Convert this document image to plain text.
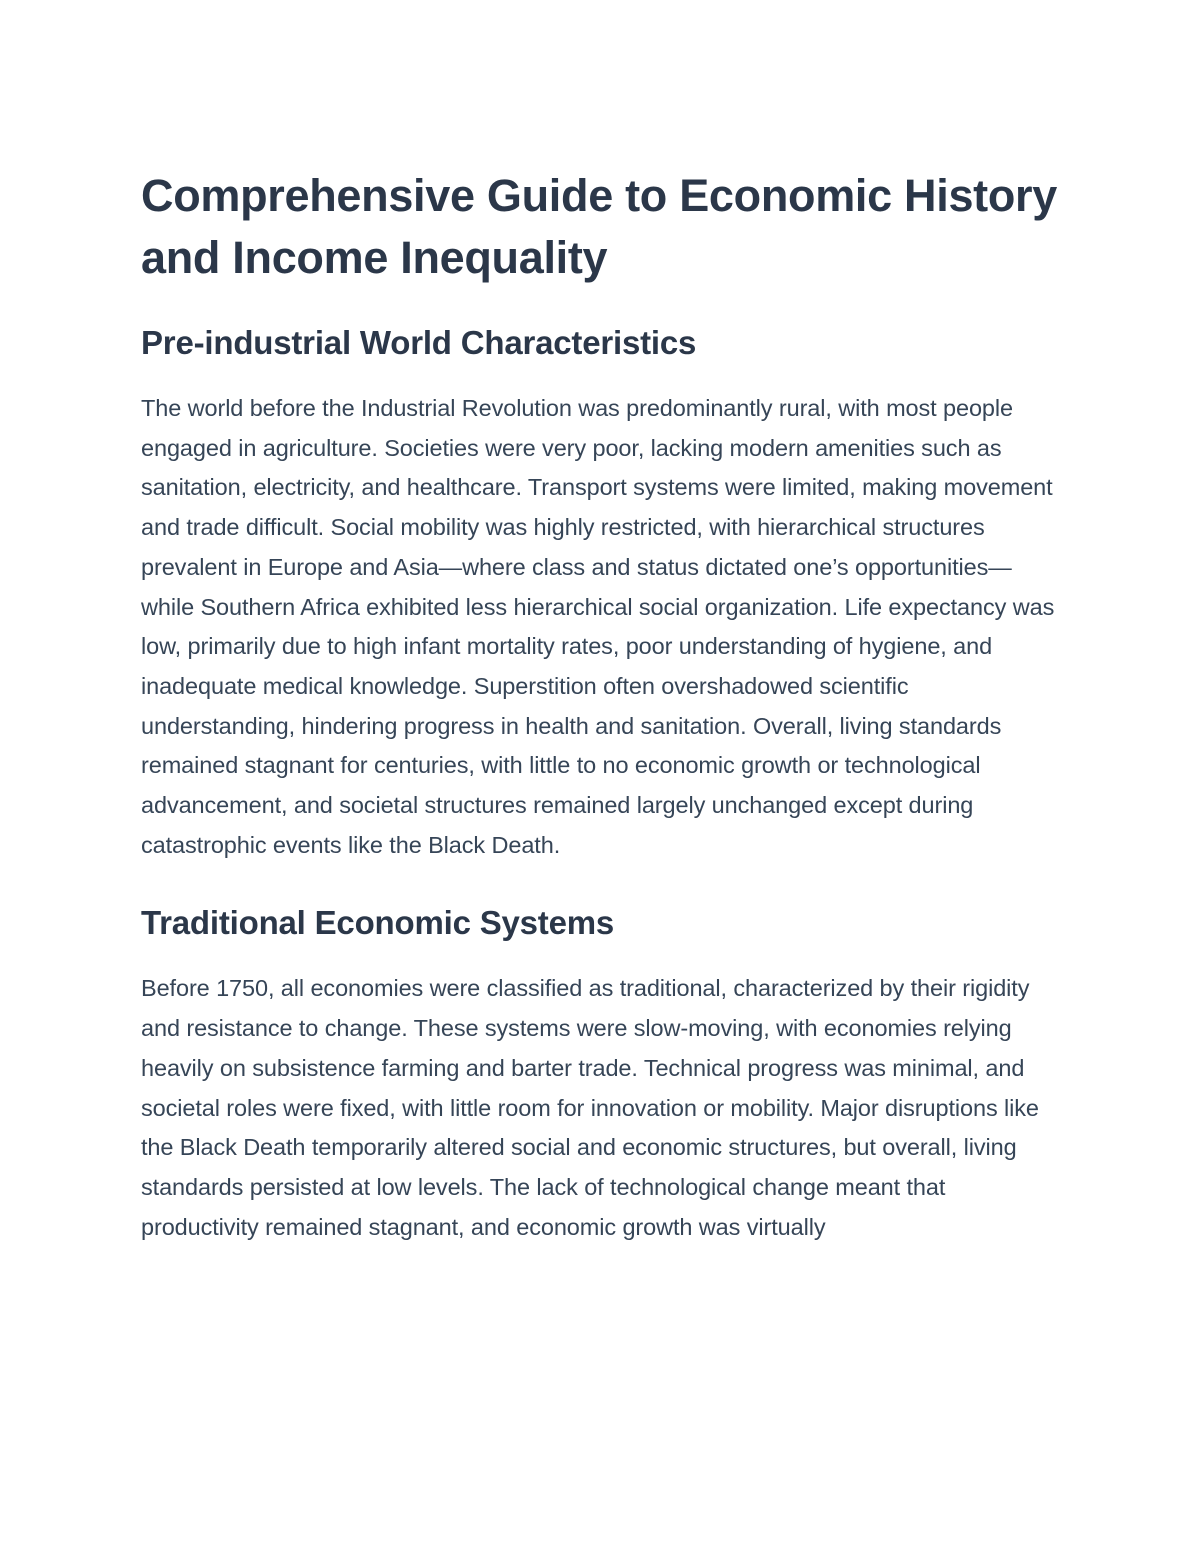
Comprehensive Guide to Economic History and Income Inequality
Pre-industrial World Characteristics

The world before the Industrial Revolution was predominantly rural, with most people engaged in agriculture. Societies were very poor, lacking modern amenities such as sanitation, electricity, and healthcare. Transport systems were limited, making movement and trade difficult. Social mobility was highly restricted, with hierarchical structures prevalent in Europe and Asia—where class and status dictated one’s opportunities—while Southern Africa exhibited less hierarchical social organization. Life expectancy was low, primarily due to high infant mortality rates, poor understanding of hygiene, and inadequate medical knowledge. Superstition often overshadowed scientific understanding, hindering progress in health and sanitation. Overall, living standards remained stagnant for centuries, with little to no economic growth or technological advancement, and societal structures remained largely unchanged except during catastrophic events like the Black Death.

Traditional Economic Systems

Before 1750, all economies were classified as traditional, characterized by their rigidity and resistance to change. These systems were slow-moving, with economies relying heavily on subsistence farming and barter trade. Technical progress was minimal, and societal roles were fixed, with little room for innovation or mobility. Major disruptions like the Black Death temporarily altered social and economic structures, but overall, living standards persisted at low levels. The lack of technological change meant that productivity remained stagnant, and economic growth was virtually
